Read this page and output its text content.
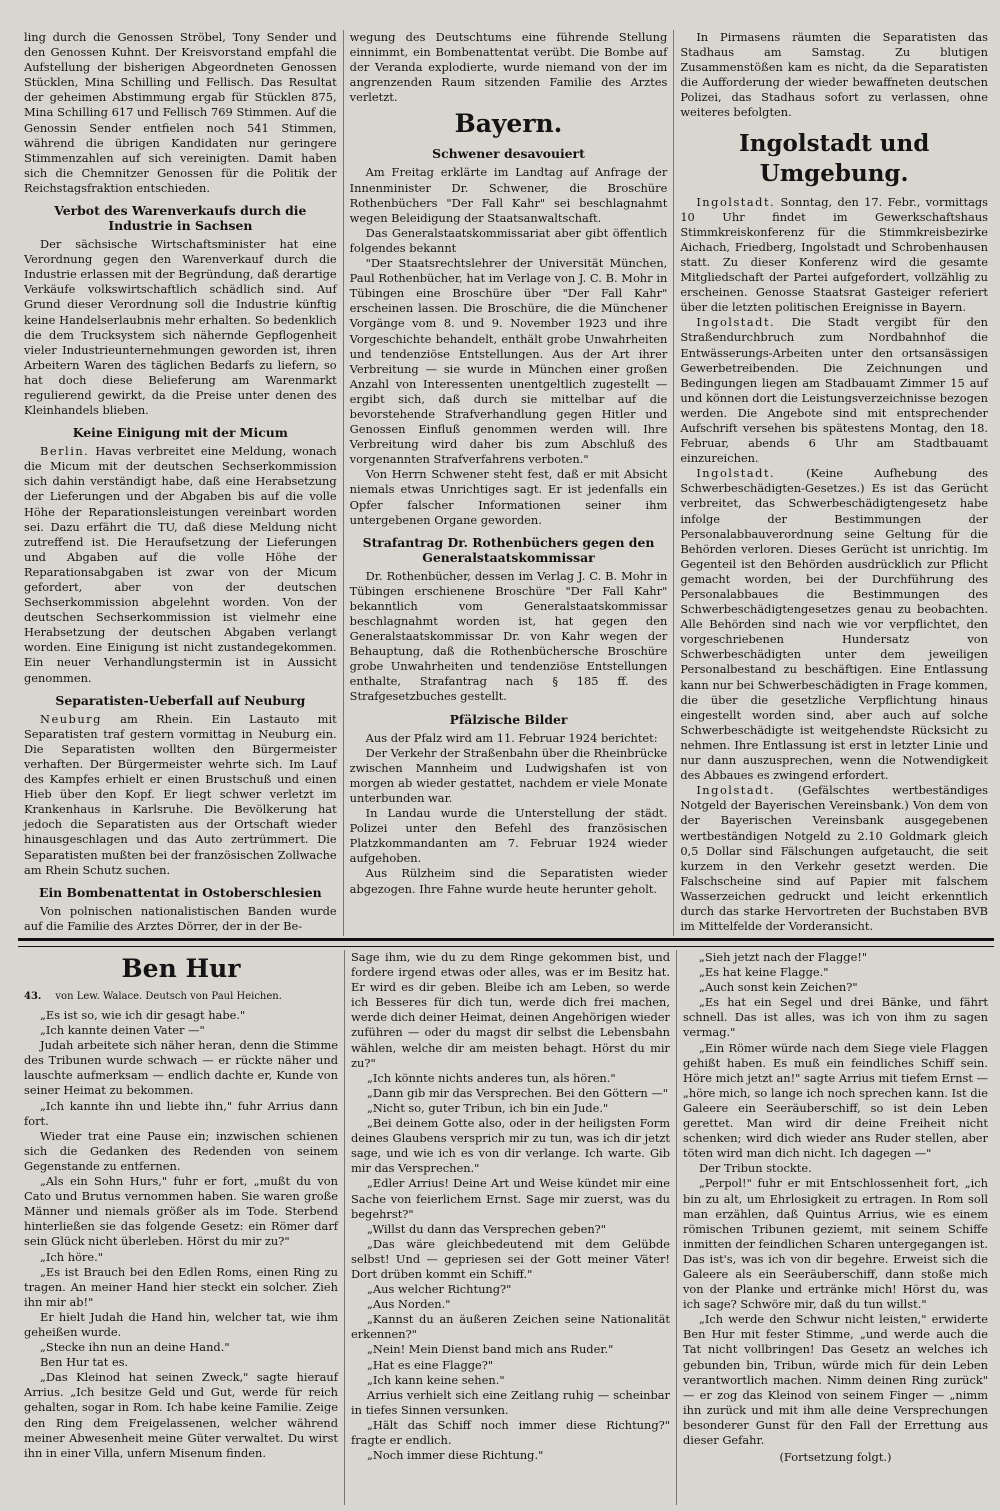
ling durch die Genossen Ströbel, Tony Sender und den Genossen Kuhnt. Der Kreisvorstand empfahl die Aufstellung der bisherigen Abgeordneten Genossen Stücklen, Mina Schilling und Fellisch. Das Resultat der geheimen Abstimmung ergab für Stücklen 875, Mina Schilling 617 und Fellisch 769 Stimmen. Auf die Genossin Sender entfielen noch 541 Stimmen, während die übrigen Kandidaten nur geringere Stimmenzahlen auf sich vereinigten. Damit haben sich die Chemnitzer Genossen für die Politik der Reichstagsfraktion entschieden.

Verbot des Warenverkaufs durch die Industrie in Sachsen

Der sächsische Wirtschaftsminister hat eine Verordnung gegen den Warenverkauf durch die Industrie erlassen mit der Begründung, daß derartige Verkäufe volkswirtschaftlich schädlich sind. Auf Grund dieser Verordnung soll die Industrie künftig keine Handelserlaubnis mehr erhalten. So bedenklich die dem Trucksystem sich nähernde Gepflogenheit vieler Industrieunternehmungen geworden ist, ihren Arbeitern Waren des täglichen Bedarfs zu liefern, so hat doch diese Belieferung am Warenmarkt regulierend gewirkt, da die Preise unter denen des Kleinhandels blieben.

Keine Einigung mit der Micum

Berlin. Havas verbreitet eine Meldung, wonach die Micum mit der deutschen Sechserkommission sich dahin verständigt habe, daß eine Herabsetzung der Lieferungen und der Abgaben bis auf die volle Höhe der Reparationsleistungen vereinbart worden sei. Dazu erfährt die TU, daß diese Meldung nicht zutreffend ist. Die Heraufsetzung der Lieferungen und Abgaben auf die volle Höhe der Reparationsabgaben ist zwar von der Micum gefordert, aber von der deutschen Sechserkommission abgelehnt worden. Von der deutschen Sechserkommission ist vielmehr eine Herabsetzung der deutschen Abgaben verlangt worden. Eine Einigung ist nicht zustandegekommen. Ein neuer Verhandlungstermin ist in Aussicht genommen.

Separatisten-Ueberfall auf Neuburg

Neuburg am Rhein. Ein Lastauto mit Separatisten traf gestern vormittag in Neuburg ein. Die Separatisten wollten den Bürgermeister verhaften. Der Bürgermeister wehrte sich. Im Lauf des Kampfes erhielt er einen Brustschuß und einen Hieb über den Kopf. Er liegt schwer verletzt im Krankenhaus in Karlsruhe. Die Bevölkerung hat jedoch die Separatisten aus der Ortschaft wieder hinausgeschlagen und das Auto zertrümmert. Die Separatisten mußten bei der französischen Zollwache am Rhein Schutz suchen.

Ein Bombenattentat in Ostoberschlesien

Von polnischen nationalistischen Banden wurde auf die Familie des Arztes Dörrer, der in der Be-

wegung des Deutschtums eine führende Stellung einnimmt, ein Bombenattentat verübt. Die Bombe auf der Veranda explodierte, wurde niemand von der im angrenzenden Raum sitzenden Familie des Arztes verletzt.

Bayern.
Schwener desavouiert

Am Freitag erklärte im Landtag auf Anfrage der Innenminister Dr. Schwener, die Broschüre Rothenbüchers "Der Fall Kahr" sei beschlagnahmt wegen Beleidigung der Staatsanwaltschaft.

Das Generalstaatskommissariat aber gibt öffentlich folgendes bekannt

"Der Staatsrechtslehrer der Universität München, Paul Rothenbücher, hat im Verlage von J. C. B. Mohr in Tübingen eine Broschüre über "Der Fall Kahr" erscheinen lassen. Die Broschüre, die die Münchener Vorgänge vom 8. und 9. November 1923 und ihre Vorgeschichte behandelt, enthält grobe Unwahrheiten und tendenziöse Entstellungen. Aus der Art ihrer Verbreitung — sie wurde in München einer großen Anzahl von Interessenten unentgeltlich zugestellt — ergibt sich, daß durch sie mittelbar auf die bevorstehende Strafverhandlung gegen Hitler und Genossen Einfluß genommen werden will. Ihre Verbreitung wird daher bis zum Abschluß des vorgenannten Strafverfahrens verboten."

Von Herrn Schwener steht fest, daß er mit Absicht niemals etwas Unrichtiges sagt. Er ist jedenfalls ein Opfer falscher Informationen seiner ihm untergebenen Organe geworden.

Strafantrag Dr. Rothenbüchers gegen den Generalstaatskommissar

Dr. Rothenbücher, dessen im Verlag J. C. B. Mohr in Tübingen erschienene Broschüre "Der Fall Kahr" bekanntlich vom Generalstaatskommissar beschlagnahmt worden ist, hat gegen den Generalstaatskommissar Dr. von Kahr wegen der Behauptung, daß die Rothenbüchersche Broschüre grobe Unwahrheiten und tendenziöse Entstellungen enthalte, Strafantrag nach § 185 ff. des Strafgesetzbuches gestellt.

Pfälzische Bilder

Aus der Pfalz wird am 11. Februar 1924 berichtet:

Der Verkehr der Straßenbahn über die Rheinbrücke zwischen Mannheim und Ludwigshafen ist von morgen ab wieder gestattet, nachdem er viele Monate unterbunden war.

In Landau wurde die Unterstellung der städt. Polizei unter den Befehl des französischen Platzkommandanten am 7. Februar 1924 wieder aufgehoben.

Aus Rülzheim sind die Separatisten wieder abgezogen. Ihre Fahne wurde heute herunter geholt.

In Pirmasens räumten die Separatisten das Stadhaus am Samstag. Zu blutigen Zusammenstößen kam es nicht, da die Separatisten die Aufforderung der wieder bewaffneten deutschen Polizei, das Stadhaus sofort zu verlassen, ohne weiteres befolgten.

Ingolstadt und Umgebung.

Ingolstadt. Sonntag, den 17. Febr., vormittags 10 Uhr findet im Gewerkschaftshaus Stimmkreiskonferenz für die Stimmkreisbezirke Aichach, Friedberg, Ingolstadt und Schrobenhausen statt. Zu dieser Konferenz wird die gesamte Mitgliedschaft der Partei aufgefordert, vollzählig zu erscheinen. Genosse Staatsrat Gasteiger referiert über die letzten politischen Ereignisse in Bayern.

Ingolstadt. Die Stadt vergibt für den Straßendurchbruch zum Nordbahnhof die Entwässerungs-Arbeiten unter den ortsansässigen Gewerbetreibenden. Die Zeichnungen und Bedingungen liegen am Stadbauamt Zimmer 15 auf und können dort die Leistungsverzeichnisse bezogen werden. Die Angebote sind mit entsprechender Aufschrift versehen bis spätestens Montag, den 18. Februar, abends 6 Uhr am Stadtbauamt einzureichen.

Ingolstadt. (Keine Aufhebung des Schwerbeschädigten-Gesetzes.) Es ist das Gerücht verbreitet, das Schwerbeschädigtengesetz habe infolge der Bestimmungen der Personalabbauverordnung seine Geltung für die Behörden verloren. Dieses Gerücht ist unrichtig. Im Gegenteil ist den Behörden ausdrücklich zur Pflicht gemacht worden, bei der Durchführung des Personalabbaues die Bestimmungen des Schwerbeschädigtengesetzes genau zu beobachten. Alle Behörden sind nach wie vor verpflichtet, den vorgeschriebenen Hundersatz von Schwerbeschädigten unter dem jeweiligen Personalbestand zu beschäftigen. Eine Entlassung kann nur bei Schwerbeschädigten in Frage kommen, die über die gesetzliche Verpflichtung hinaus eingestellt worden sind, aber auch auf solche Schwerbeschädigte ist weitgehendste Rücksicht zu nehmen. Ihre Entlassung ist erst in letzter Linie und nur dann auszusprechen, wenn die Notwendigkeit des Abbaues es zwingend erfordert.

Ingolstadt. (Gefälschtes wertbeständiges Notgeld der Bayerischen Vereinsbank.) Von dem von der Bayerischen Vereinsbank ausgegebenen wertbeständigen Notgeld zu 2.10 Goldmark gleich 0,5 Dollar sind Fälschungen aufgetaucht, die seit kurzem in den Verkehr gesetzt werden. Die Falschscheine sind auf Papier mit falschem Wasserzeichen gedruckt und leicht erkenntlich durch das starke Hervortreten der Buchstaben BVB im Mittelfelde der Vorderansicht.

Ben Hur
43. von Lew. Walace. Deutsch von Paul Heichen.

„Es ist so, wie ich dir gesagt habe."

„Ich kannte deinen Vater —"

Judah arbeitete sich näher heran, denn die Stimme des Tribunen wurde schwach — er rückte näher und lauschte aufmerksam — endlich dachte er, Kunde von seiner Heimat zu bekommen.

„Ich kannte ihn und liebte ihn," fuhr Arrius dann fort.

Wieder trat eine Pause ein; inzwischen schienen sich die Gedanken des Redenden von seinem Gegenstande zu entfernen.

„Als ein Sohn Hurs," fuhr er fort, „mußt du von Cato und Brutus vernommen haben. Sie waren große Männer und niemals größer als im Tode. Sterbend hinterließen sie das folgende Gesetz: ein Römer darf sein Glück nicht überleben. Hörst du mir zu?"

„Ich höre."

„Es ist Brauch bei den Edlen Roms, einen Ring zu tragen. An meiner Hand hier steckt ein solcher. Zieh ihn mir ab!"

Er hielt Judah die Hand hin, welcher tat, wie ihm geheißen wurde.

„Stecke ihn nun an deine Hand."

Ben Hur tat es.

„Das Kleinod hat seinen Zweck," sagte hierauf Arrius. „Ich besitze Geld und Gut, werde für reich gehalten, sogar in Rom. Ich habe keine Familie. Zeige den Ring dem Freigelassenen, welcher während meiner Abwesenheit meine Güter verwaltet. Du wirst ihn in einer Villa, unfern Misenum finden.

Sage ihm, wie du zu dem Ringe gekommen bist, und fordere irgend etwas oder alles, was er im Besitz hat. Er wird es dir geben. Bleibe ich am Leben, so werde ich Besseres für dich tun, werde dich frei machen, werde dich deiner Heimat, deinen Angehörigen wieder zuführen — oder du magst dir selbst die Lebensbahn wählen, welche dir am meisten behagt. Hörst du mir zu?"

„Ich könnte nichts anderes tun, als hören."

„Dann gib mir das Versprechen. Bei den Göttern —"

„Nicht so, guter Tribun, ich bin ein Jude."

„Bei deinem Gotte also, oder in der heiligsten Form deines Glaubens versprich mir zu tun, was ich dir jetzt sage, und wie ich es von dir verlange. Ich warte. Gib mir das Versprechen."

„Edler Arrius! Deine Art und Weise kündet mir eine Sache von feierlichem Ernst. Sage mir zuerst, was du begehrst?"

„Willst du dann das Versprechen geben?"

„Das wäre gleichbedeutend mit dem Gelübde selbst! Und — gepriesen sei der Gott meiner Väter! Dort drüben kommt ein Schiff."

„Aus welcher Richtung?"

„Aus Norden."

„Kannst du an äußeren Zeichen seine Nationalität erkennen?"

„Nein! Mein Dienst band mich ans Ruder."

„Hat es eine Flagge?"

„Ich kann keine sehen."

Arrius verhielt sich eine Zeitlang ruhig — scheinbar in tiefes Sinnen versunken.

„Hält das Schiff noch immer diese Richtung?" fragte er endlich.

„Noch immer diese Richtung."

„Sieh jetzt nach der Flagge!"

„Es hat keine Flagge."

„Auch sonst kein Zeichen?"

„Es hat ein Segel und drei Bänke, und fährt schnell. Das ist alles, was ich von ihm zu sagen vermag."

„Ein Römer würde nach dem Siege viele Flaggen gehißt haben. Es muß ein feindliches Schiff sein. Höre mich jetzt an!" sagte Arrius mit tiefem Ernst — „höre mich, so lange ich noch sprechen kann. Ist die Galeere ein Seeräuberschiff, so ist dein Leben gerettet. Man wird dir deine Freiheit nicht schenken; wird dich wieder ans Ruder stellen, aber töten wird man dich nicht. Ich dagegen —"

Der Tribun stockte.

„Perpol!" fuhr er mit Entschlossenheit fort, „ich bin zu alt, um Ehrlosigkeit zu ertragen. In Rom soll man erzählen, daß Quintus Arrius, wie es einem römischen Tribunen geziemt, mit seinem Schiffe inmitten der feindlichen Scharen untergegangen ist. Das ist's, was ich von dir begehre. Erweist sich die Galeere als ein Seeräuberschiff, dann stoße mich von der Planke und ertränke mich! Hörst du, was ich sage? Schwöre mir, daß du tun willst."

„Ich werde den Schwur nicht leisten," erwiderte Ben Hur mit fester Stimme, „und werde auch die Tat nicht vollbringen! Das Gesetz an welches ich gebunden bin, Tribun, würde mich für dein Leben verantwortlich machen. Nimm deinen Ring zurück" — er zog das Kleinod von seinem Finger — „nimm ihn zurück und mit ihm alle deine Versprechungen besonderer Gunst für den Fall der Errettung aus dieser Gefahr.

(Fortsetzung folgt.)
